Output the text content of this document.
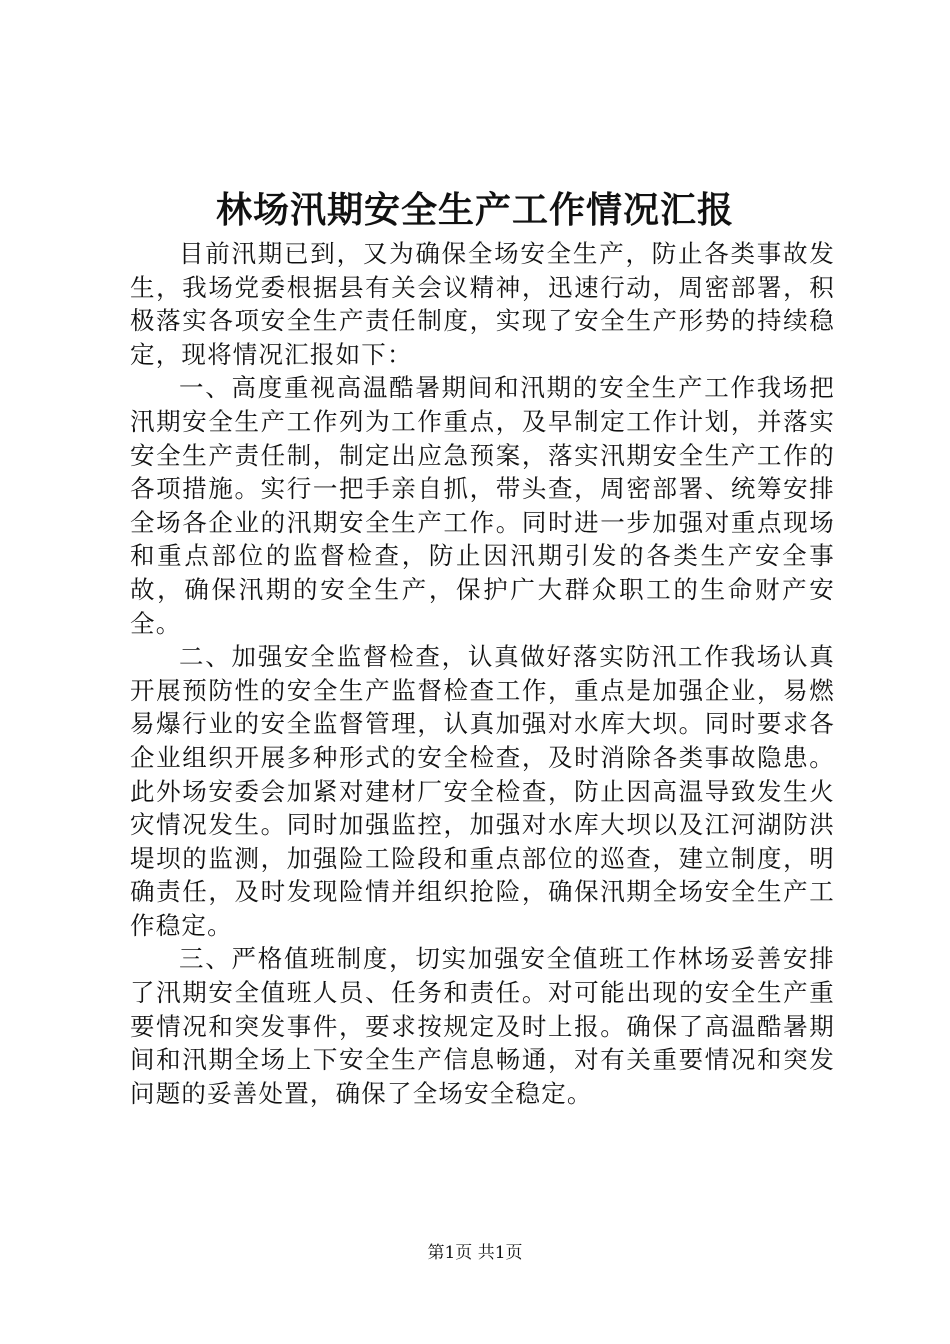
林场汛期安全生产工作情况汇报

目前汛期已到，又为确保全场安全生产，防止各类事故发生，我场党委根据县有关会议精神，迅速行动，周密部署，积极落实各项安全生产责任制度，实现了安全生产形势的持续稳定，现将情况汇报如下：

一、高度重视高温酷暑期间和汛期的安全生产工作我场把汛期安全生产工作列为工作重点，及早制定工作计划，并落实安全生产责任制，制定出应急预案，落实汛期安全生产工作的各项措施。实行一把手亲自抓，带头查，周密部署、统筹安排全场各企业的汛期安全生产工作。同时进一步加强对重点现场和重点部位的监督检查，防止因汛期引发的各类生产安全事故，确保汛期的安全生产，保护广大群众职工的生命财产安全。

二、加强安全监督检查，认真做好落实防汛工作我场认真开展预防性的安全生产监督检查工作，重点是加强企业，易燃易爆行业的安全监督管理，认真加强对水库大坝。同时要求各企业组织开展多种形式的安全检查，及时消除各类事故隐患。此外场安委会加紧对建材厂安全检查，防止因高温导致发生火灾情况发生。同时加强监控，加强对水库大坝以及江河湖防洪堤坝的监测，加强险工险段和重点部位的巡查，建立制度，明确责任，及时发现险情并组织抢险，确保汛期全场安全生产工作稳定。

三、严格值班制度，切实加强安全值班工作林场妥善安排了汛期安全值班人员、任务和责任。对可能出现的安全生产重要情况和突发事件，要求按规定及时上报。确保了高温酷暑期间和汛期全场上下安全生产信息畅通，对有关重要情况和突发问题的妥善处置，确保了全场安全稳定。

第1页 共1页
